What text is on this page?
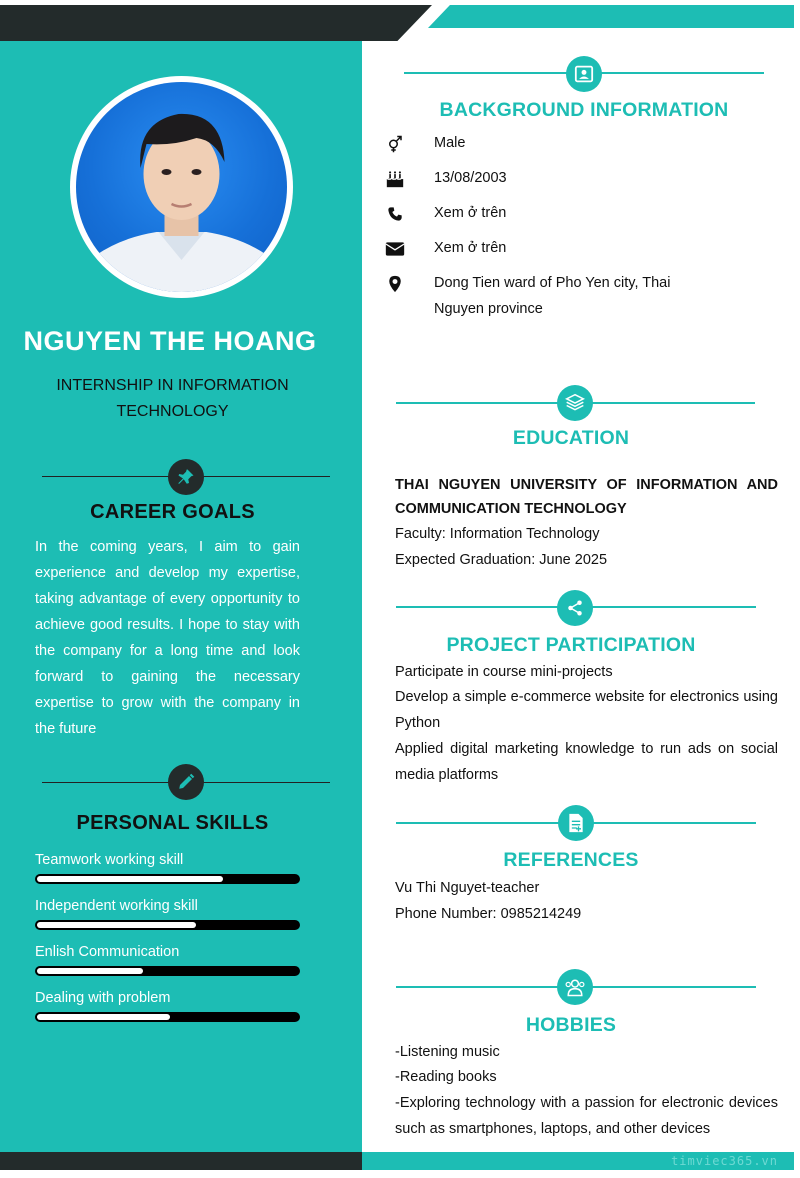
timviec365.vn
NGUYEN THE HOANG
INTERNSHIP IN INFORMATION TECHNOLOGY
CAREER GOALS
In the coming years, I aim to gain experience and develop my expertise, taking advantage of every opportunity to achieve good results. I hope to stay with the company for a long time and look forward to gaining the necessary expertise to grow with the company in the future
PERSONAL SKILLS
Teamwork working skill
Independent working skill
Enlish Communication
Dealing with problem
BACKGROUND INFORMATION
Male
13/08/2003
Xem ở trên
Xem ở trên
Dong Tien ward of Pho Yen city, Thai Nguyen province
EDUCATION
THAI NGUYEN UNIVERSITY OF INFORMATION AND COMMUNICATION TECHNOLOGY
Faculty: Information Technology
Expected Graduation: June 2025
PROJECT PARTICIPATION
Participate in course mini-projects
Develop a simple e-commerce website for electronics using Python
Applied digital marketing knowledge to run ads on social media platforms
REFERENCES
Vu Thi Nguyet-teacher
Phone Number: 0985214249
HOBBIES
-Listening music
-Reading books
-Exploring technology with a passion for electronic devices such as smartphones, laptops, and other devices
